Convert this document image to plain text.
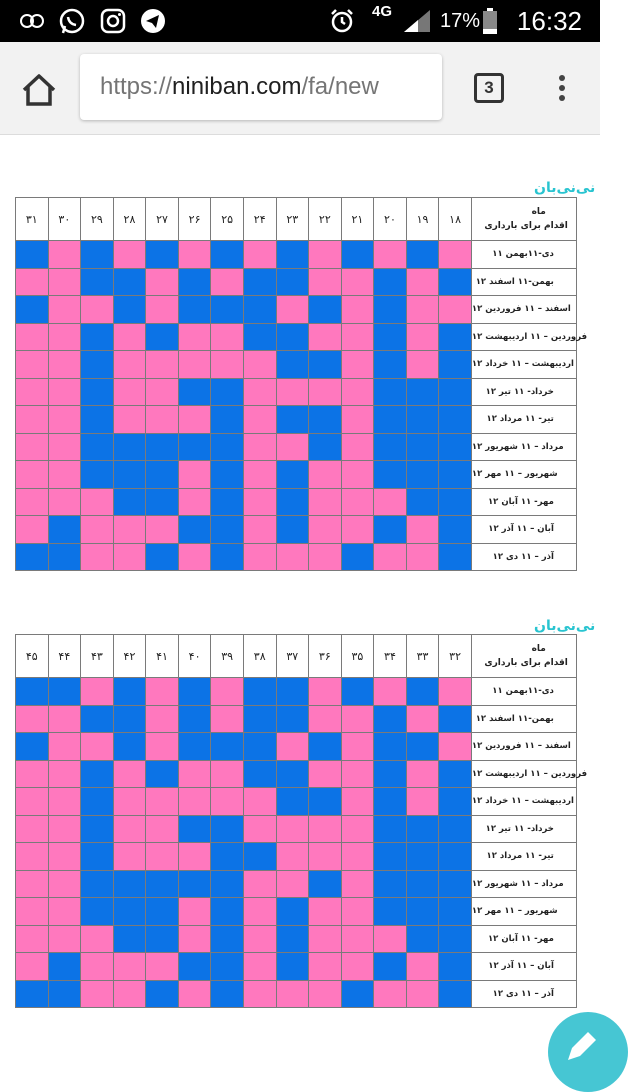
4G 17% 16:32
https://niniban.com/fa/new	3
نی‌نی‌بان
۳۱	۳۰	۲۹	۲۸	۲۷	۲۶	۲۵	۲۴	۲۳	۲۲	۲۱	۲۰	۱۹	۱۸	ماه
اقدام برای بارداری

														۱۱ دی-۱۱بهمن
														۱۲ بهمن-۱۱ اسفند
														۱۲ اسفند – ۱۱ فروردین
														۱۲ فروردین – ۱۱ اردیبهشت
														۱۲ اردیبهشت – ۱۱ خرداد
														۱۲ خرداد- ۱۱ تیر
														۱۲ تیر- ۱۱ مرداد
														۱۲ مرداد – ۱۱ شهریور
														۱۲ شهریور – ۱۱ مهر
														۱۲ مهر- ۱۱ آبان
														۱۲ آبان – ۱۱ آذر
														۱۲ آذر – ۱۱ دی
نی‌نی‌بان
۴۵	۴۴	۴۳	۴۲	۴۱	۴۰	۳۹	۳۸	۳۷	۳۶	۳۵	۳۴	۳۳	۳۲	ماه
اقدام برای بارداری

														۱۱ دی-۱۱بهمن
														۱۲ بهمن-۱۱ اسفند
														۱۲ اسفند – ۱۱ فروردین
														۱۲ فروردین – ۱۱ اردیبهشت
														۱۲ اردیبهشت – ۱۱ خرداد
														۱۲ خرداد- ۱۱ تیر
														۱۲ تیر- ۱۱ مرداد
														۱۲ مرداد – ۱۱ شهریور
														۱۲ شهریور – ۱۱ مهر
														۱۲ مهر- ۱۱ آبان
														۱۲ آبان – ۱۱ آذر
														۱۲ آذر – ۱۱ دی
